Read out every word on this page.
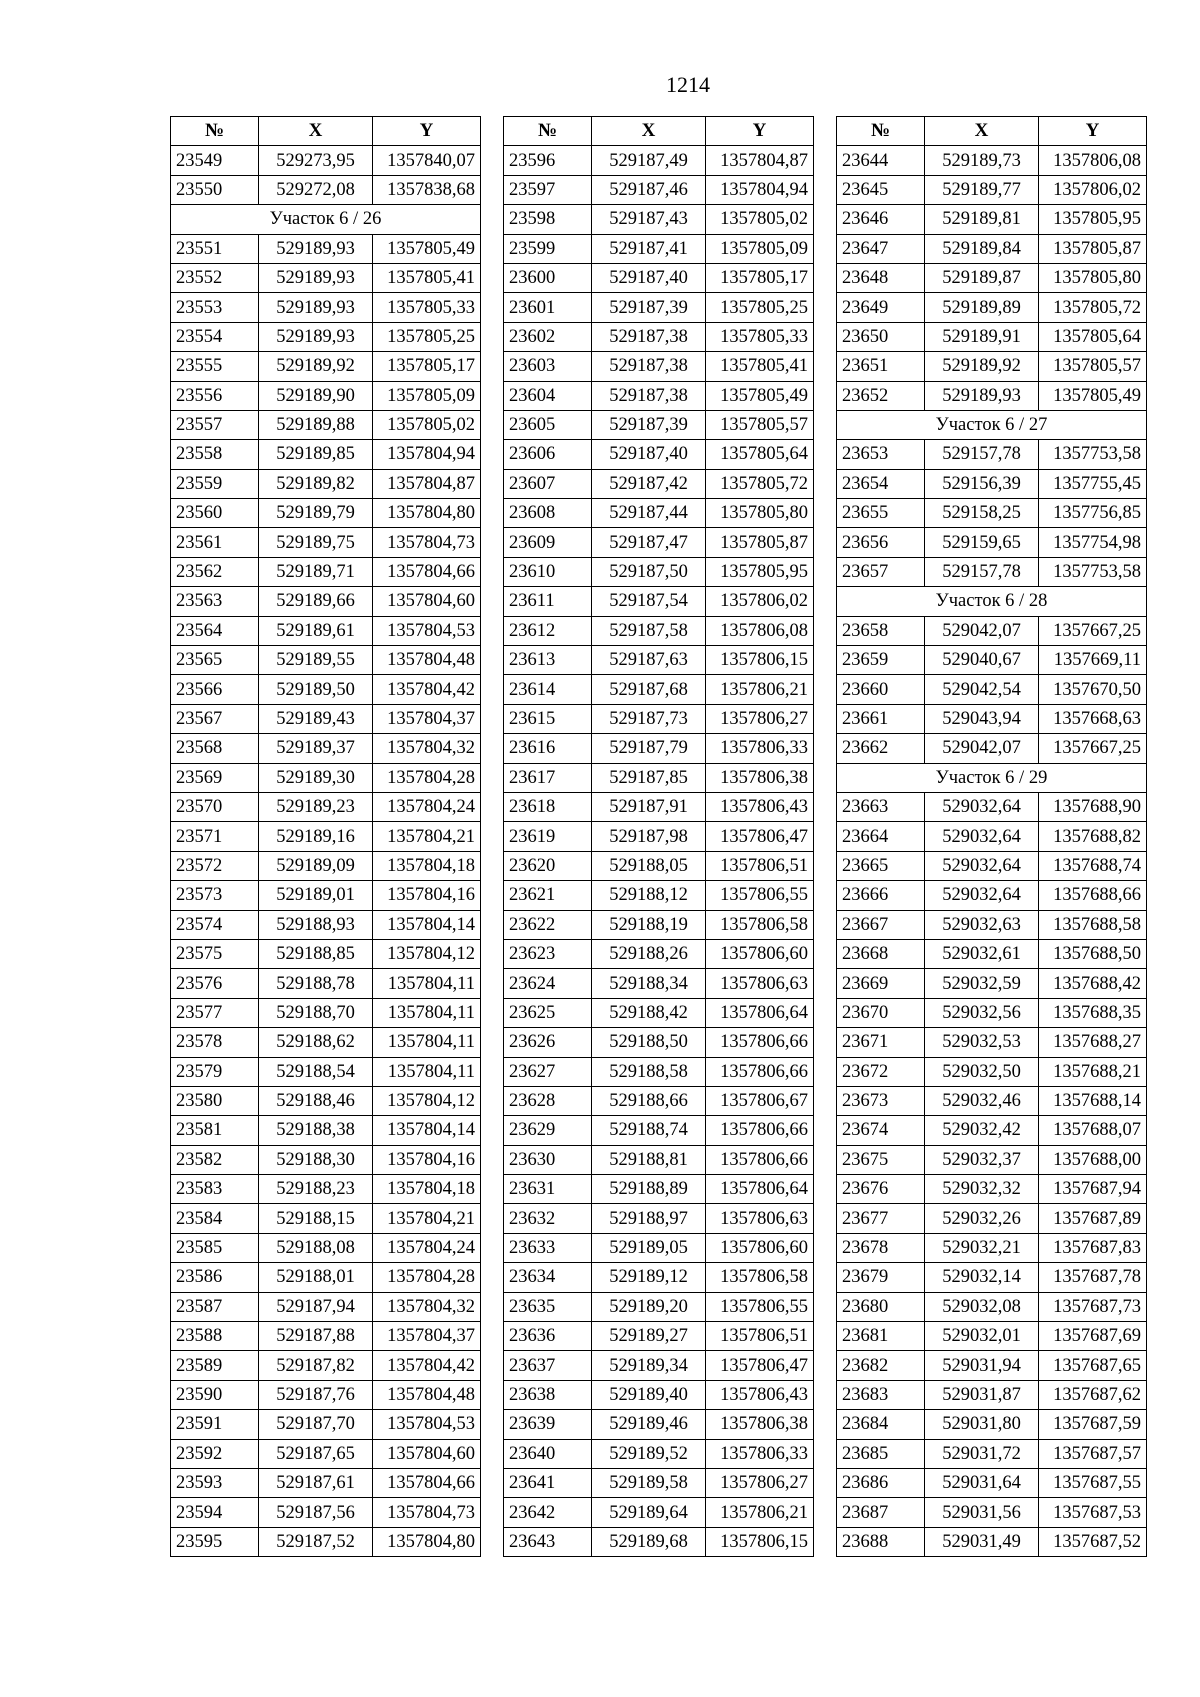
1214
№	X	Y
23549	529273,95	1357840,07
23550	529272,08	1357838,68
Участок 6 / 26		
23551	529189,93	1357805,49
23552	529189,93	1357805,41
23553	529189,93	1357805,33
23554	529189,93	1357805,25
23555	529189,92	1357805,17
23556	529189,90	1357805,09
23557	529189,88	1357805,02
23558	529189,85	1357804,94
23559	529189,82	1357804,87
23560	529189,79	1357804,80
23561	529189,75	1357804,73
23562	529189,71	1357804,66
23563	529189,66	1357804,60
23564	529189,61	1357804,53
23565	529189,55	1357804,48
23566	529189,50	1357804,42
23567	529189,43	1357804,37
23568	529189,37	1357804,32
23569	529189,30	1357804,28
23570	529189,23	1357804,24
23571	529189,16	1357804,21
23572	529189,09	1357804,18
23573	529189,01	1357804,16
23574	529188,93	1357804,14
23575	529188,85	1357804,12
23576	529188,78	1357804,11
23577	529188,70	1357804,11
23578	529188,62	1357804,11
23579	529188,54	1357804,11
23580	529188,46	1357804,12
23581	529188,38	1357804,14
23582	529188,30	1357804,16
23583	529188,23	1357804,18
23584	529188,15	1357804,21
23585	529188,08	1357804,24
23586	529188,01	1357804,28
23587	529187,94	1357804,32
23588	529187,88	1357804,37
23589	529187,82	1357804,42
23590	529187,76	1357804,48
23591	529187,70	1357804,53
23592	529187,65	1357804,60
23593	529187,61	1357804,66
23594	529187,56	1357804,73
23595	529187,52	1357804,80
№	X	Y
23596	529187,49	1357804,87
23597	529187,46	1357804,94
23598	529187,43	1357805,02
23599	529187,41	1357805,09
23600	529187,40	1357805,17
23601	529187,39	1357805,25
23602	529187,38	1357805,33
23603	529187,38	1357805,41
23604	529187,38	1357805,49
23605	529187,39	1357805,57
23606	529187,40	1357805,64
23607	529187,42	1357805,72
23608	529187,44	1357805,80
23609	529187,47	1357805,87
23610	529187,50	1357805,95
23611	529187,54	1357806,02
23612	529187,58	1357806,08
23613	529187,63	1357806,15
23614	529187,68	1357806,21
23615	529187,73	1357806,27
23616	529187,79	1357806,33
23617	529187,85	1357806,38
23618	529187,91	1357806,43
23619	529187,98	1357806,47
23620	529188,05	1357806,51
23621	529188,12	1357806,55
23622	529188,19	1357806,58
23623	529188,26	1357806,60
23624	529188,34	1357806,63
23625	529188,42	1357806,64
23626	529188,50	1357806,66
23627	529188,58	1357806,66
23628	529188,66	1357806,67
23629	529188,74	1357806,66
23630	529188,81	1357806,66
23631	529188,89	1357806,64
23632	529188,97	1357806,63
23633	529189,05	1357806,60
23634	529189,12	1357806,58
23635	529189,20	1357806,55
23636	529189,27	1357806,51
23637	529189,34	1357806,47
23638	529189,40	1357806,43
23639	529189,46	1357806,38
23640	529189,52	1357806,33
23641	529189,58	1357806,27
23642	529189,64	1357806,21
23643	529189,68	1357806,15
№	X	Y
23644	529189,73	1357806,08
23645	529189,77	1357806,02
23646	529189,81	1357805,95
23647	529189,84	1357805,87
23648	529189,87	1357805,80
23649	529189,89	1357805,72
23650	529189,91	1357805,64
23651	529189,92	1357805,57
23652	529189,93	1357805,49
Участок 6 / 27		
23653	529157,78	1357753,58
23654	529156,39	1357755,45
23655	529158,25	1357756,85
23656	529159,65	1357754,98
23657	529157,78	1357753,58
Участок 6 / 28		
23658	529042,07	1357667,25
23659	529040,67	1357669,11
23660	529042,54	1357670,50
23661	529043,94	1357668,63
23662	529042,07	1357667,25
Участок 6 / 29		
23663	529032,64	1357688,90
23664	529032,64	1357688,82
23665	529032,64	1357688,74
23666	529032,64	1357688,66
23667	529032,63	1357688,58
23668	529032,61	1357688,50
23669	529032,59	1357688,42
23670	529032,56	1357688,35
23671	529032,53	1357688,27
23672	529032,50	1357688,21
23673	529032,46	1357688,14
23674	529032,42	1357688,07
23675	529032,37	1357688,00
23676	529032,32	1357687,94
23677	529032,26	1357687,89
23678	529032,21	1357687,83
23679	529032,14	1357687,78
23680	529032,08	1357687,73
23681	529032,01	1357687,69
23682	529031,94	1357687,65
23683	529031,87	1357687,62
23684	529031,80	1357687,59
23685	529031,72	1357687,57
23686	529031,64	1357687,55
23687	529031,56	1357687,53
23688	529031,49	1357687,52
